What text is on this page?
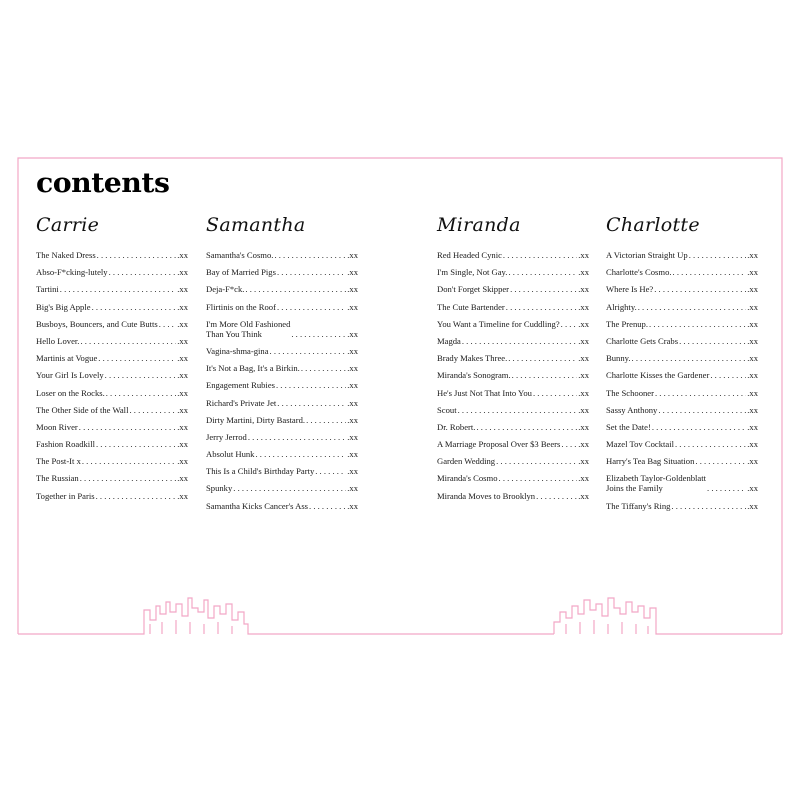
contents
Carrie
The Naked Dress . . .	.xx
Abso-F*cking-lutely . . .	.xx
Tartini . . .	.xx
Big's Big Apple . . .	.xx
Busboys, Bouncers, and Cute Butts . . . .xx
Hello Lover. . . .	.xx
Martinis at Vogue . . .	.xx
Your Girl Is Lovely . . .	.xx
Loser on the Rocks. . . .	.xx
The Other Side of the Wall . . .	.xx
Moon River . . .	.xx
Fashion Roadkill . . .	.xx
The Post-It x . . .	.xx
The Russian . . .	.xx
Together in Paris . . .	.xx
Samantha
Samantha's Cosmo. . . .	.xx
Bay of Married Pigs . . .	.xx
Deja-F*ck. . . .	.xx
Flirtinis on the Roof . . .	.xx
I'm More Old Fashioned
Than You Think . . .	.xx
Vagina-shma-gina . . .	.xx
It's Not a Bag, It's a Birkin. . . .	.xx
Engagement Rubies . . .	.xx
Richard's Private Jet . . .	.xx
Dirty Martini, Dirty Bastard. . . .	.xx
Jerry Jerrod . . .	.xx
Absolut Hunk . . .	.xx
This Is a Child's Birthday Party . . .	.xx
Spunky . . .	.xx
Samantha Kicks Cancer's Ass . . .	.xx
Miranda
Red Headed Cynic . . .	.xx
I'm Single, Not Gay. . . .	.xx
Don't Forget Skipper . . .	.xx
The Cute Bartender . . .	.xx
You Want a Timeline for Cuddling? . . . .xx
Magda . . .	.xx
Brady Makes Three. . . .	.xx
Miranda's Sonogram. . . .	.xx
He's Just Not That Into You . . .	.xx
Scout . . .	.xx
Dr. Robert. . . .	.xx
A Marriage Proposal Over $3 Beers . . . .xx
Garden Wedding . . .	.xx
Miranda's Cosmo . . .	.xx
Miranda Moves to Brooklyn . . .	.xx
Charlotte
A Victorian Straight Up . . .	.xx
Charlotte's Cosmo. . . .	.xx
Where Is He? . . .	.xx
Alrighty. . . .	.xx
The Prenup. . . .	.xx
Charlotte Gets Crabs . . .	.xx
Bunny. . . .	.xx
Charlotte Kisses the Gardener . . .	.xx
The Schooner . . .	.xx
Sassy Anthony . . .	.xx
Set the Date! . . .	.xx
Mazel Tov Cocktail . . .	.xx
Harry's Tea Bag Situation . . .	.xx
Elizabeth Taylor-Goldenblatt
Joins the Family . . .	.xx
The Tiffany's Ring . . .	.xx
